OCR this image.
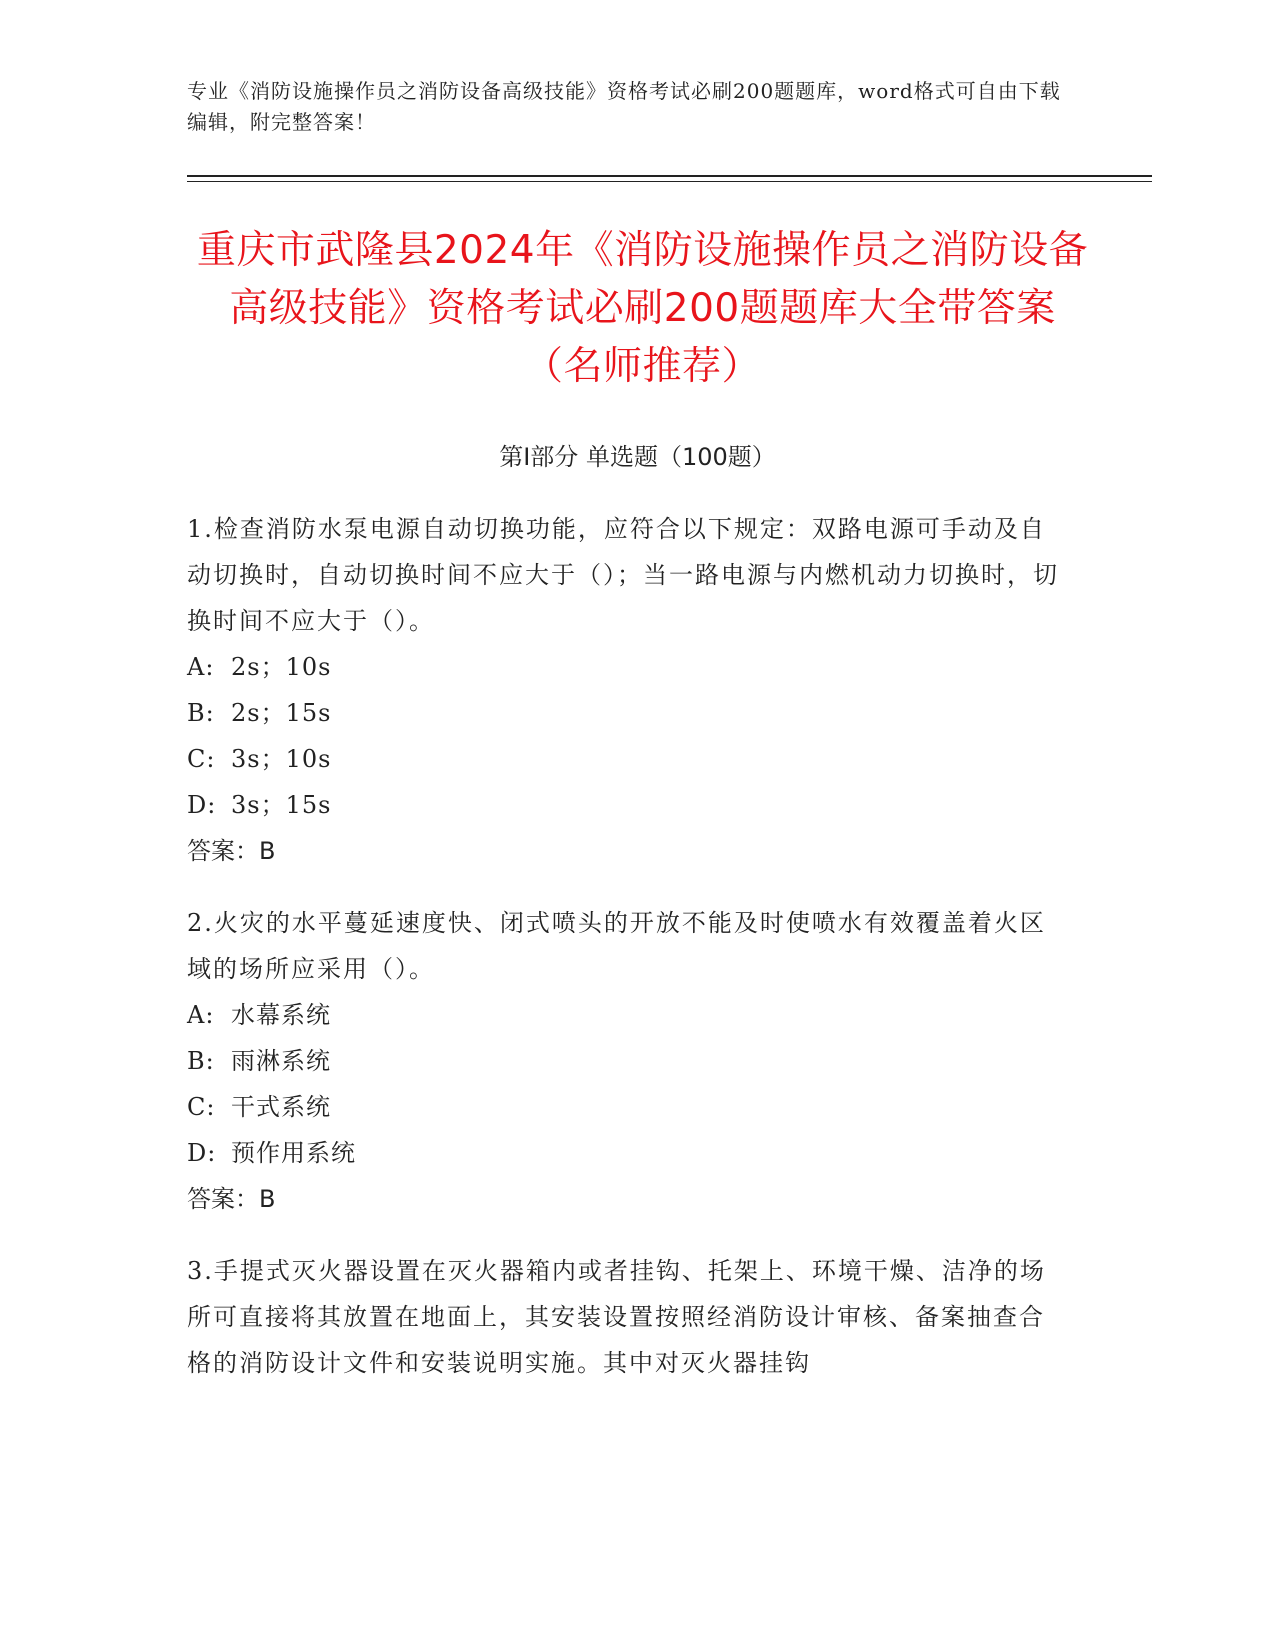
专业《消防设施操作员之消防设备高级技能》资格考试必刷200题题库，word格式可自由下载编辑，附完整答案！
重庆市武隆县2024年《消防设施操作员之消防设备高级技能》资格考试必刷200题题库大全带答案（名师推荐）
第Ⅰ部分 单选题（100题）

1.检查消防水泵电源自动切换功能，应符合以下规定：双路电源可手动及自动切换时，自动切换时间不应大于（）；当一路电源与内燃机动力切换时，切换时间不应大于（）。

A: 2s；10s

B: 2s；15s

C: 3s；10s

D: 3s；15s

答案：B

2.火灾的水平蔓延速度快、闭式喷头的开放不能及时使喷水有效覆盖着火区域的场所应采用（）。

A: 水幕系统

B: 雨淋系统

C: 干式系统

D: 预作用系统

答案：B

3.手提式灭火器设置在灭火器箱内或者挂钩、托架上、环境干燥、洁净的场所可直接将其放置在地面上，其安装设置按照经消防设计审核、备案抽查合格的消防设计文件和安装说明实施。其中对灭火器挂钩
